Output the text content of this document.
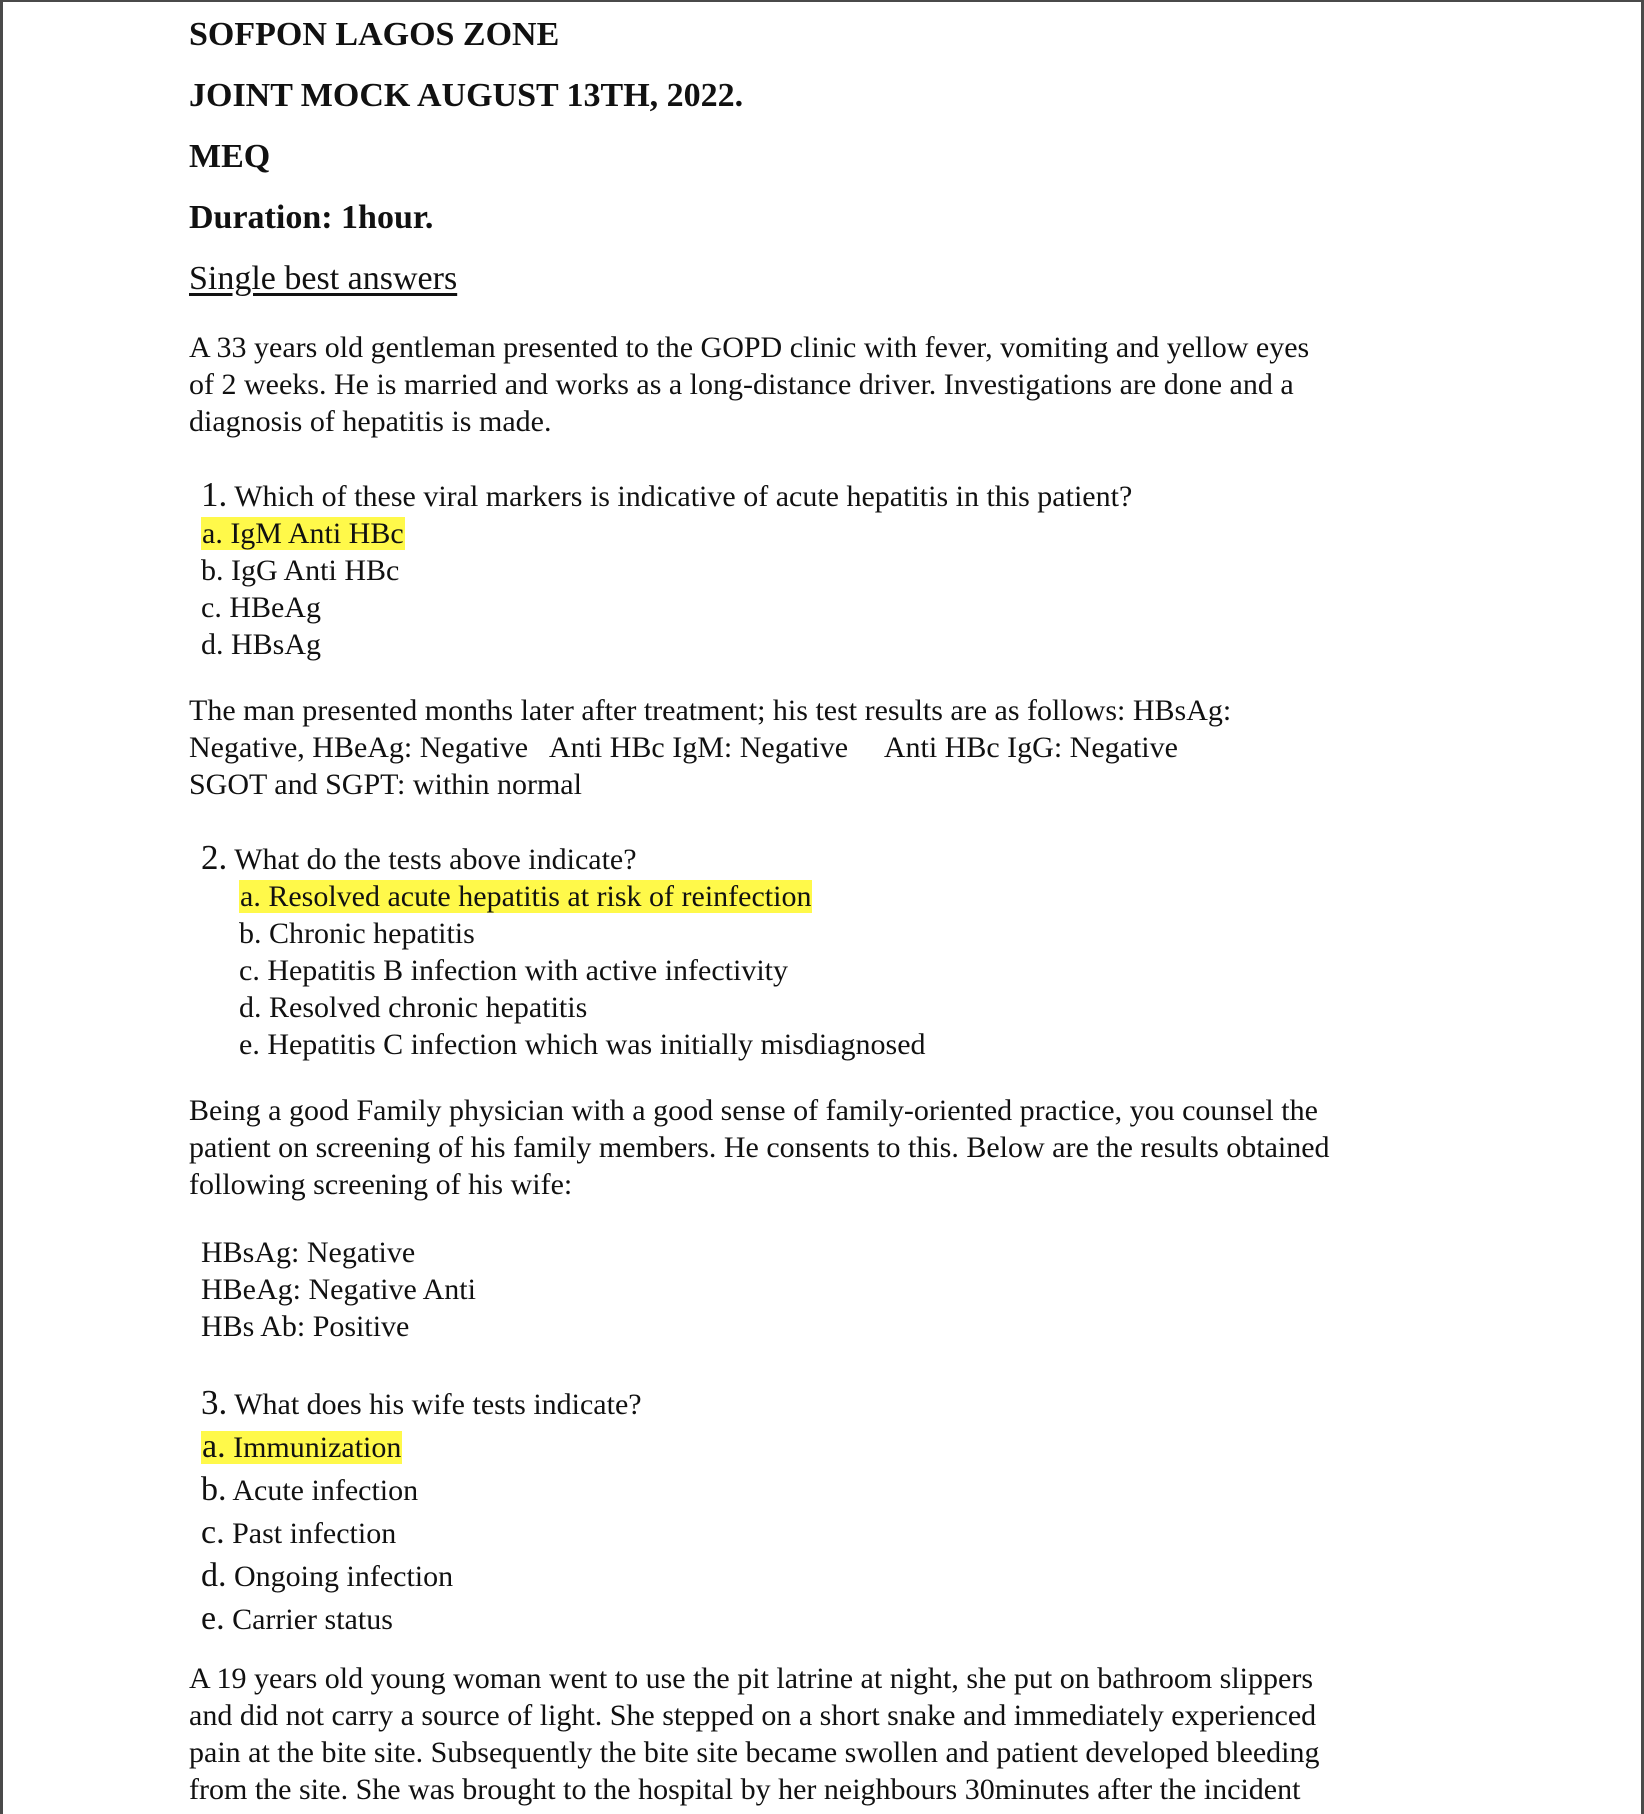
SOFPON LAGOS ZONE
JOINT MOCK AUGUST 13TH, 2022.
MEQ
Duration: 1hour.
Single best answers
A 33 years old gentleman presented to the GOPD clinic with fever, vomiting and yellow eyes
of 2 weeks. He is married and works as a long-distance driver. Investigations are done and a
diagnosis of hepatitis is made.
1. Which of these viral markers is indicative of acute hepatitis in this patient?
a. IgM Anti HBc
b. IgG Anti HBc
c. HBeAg
d. HBsAg
The man presented months later after treatment; his test results are as follows: HBsAg:
Negative, HBeAg: Negative   Anti HBc IgM: Negative     Anti HBc IgG: Negative
SGOT and SGPT: within normal
2. What do the tests above indicate?
a. Resolved acute hepatitis at risk of reinfection
b. Chronic hepatitis
c. Hepatitis B infection with active infectivity
d. Resolved chronic hepatitis
e. Hepatitis C infection which was initially misdiagnosed
Being a good Family physician with a good sense of family-oriented practice, you counsel the
patient on screening of his family members. He consents to this. Below are the results obtained
following screening of his wife:
HBsAg: Negative
HBeAg: Negative Anti
HBs Ab: Positive
3. What does his wife tests indicate?
a. Immunization
b. Acute infection
c. Past infection
d. Ongoing infection
e. Carrier status
A 19 years old young woman went to use the pit latrine at night, she put on bathroom slippers
and did not carry a source of light. She stepped on a short snake and immediately experienced
pain at the bite site. Subsequently the bite site became swollen and patient developed bleeding
from the site. She was brought to the hospital by her neighbours 30minutes after the incident
